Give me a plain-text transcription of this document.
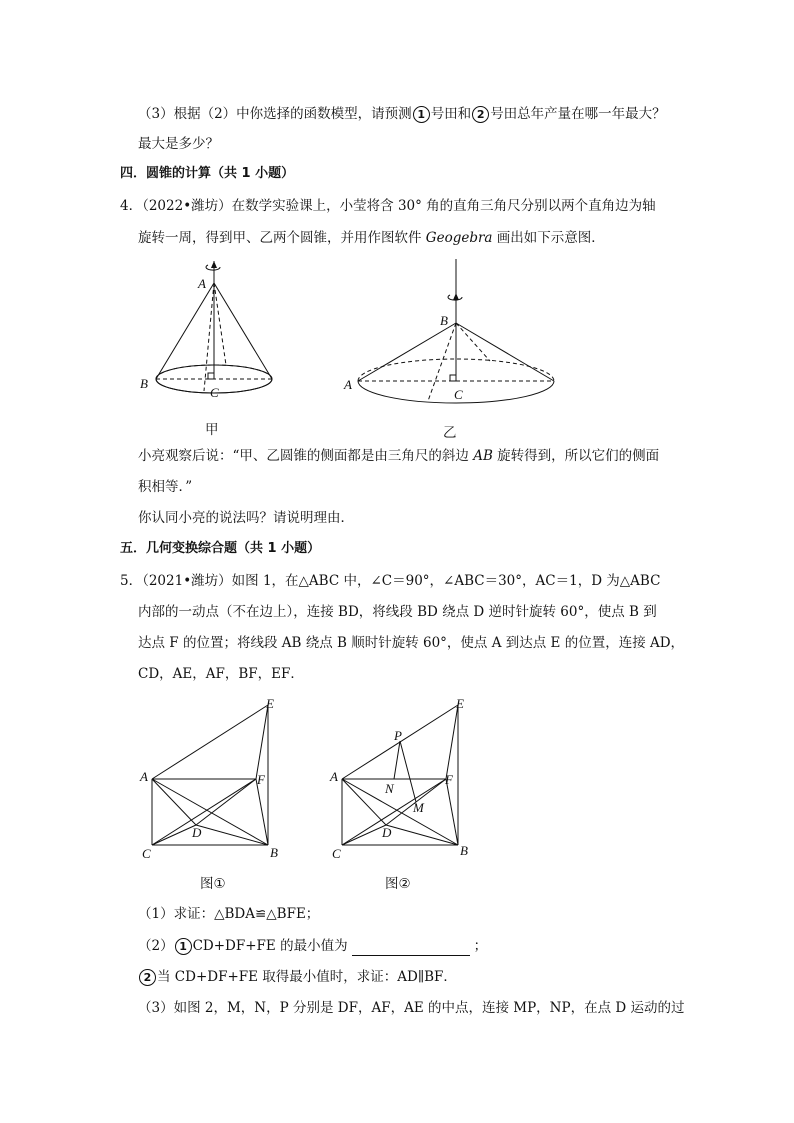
（3）根据（2）中你选择的函数模型，请预测 1 号田和 2 号田总年产量在哪一年最大？
最大是多少？
四．圆锥的计算（共 1 小题）
4．（2022•潍坊）在数学实验课上，小莹将含 30° 角的直角三角尺分别以两个直角边为轴
旋转一周，得到甲、乙两个圆锥，并用作图软件 Geogebra 画出如下示意图．
A
B
C
甲
B
A
C
乙
小亮观察后说：“甲、乙圆锥的侧面都是由三角尺的斜边 AB 旋转得到，所以它们的侧面
积相等．”
你认同小亮的说法吗？请说明理由．
五．几何变换综合题（共 1 小题）
5．（2021•潍坊）如图 1，在△ABC 中，∠C＝90°，∠ABC＝30°，AC＝1，D 为△ABC
内部的一动点（不在边上），连接 BD，将线段 BD 绕点 D 逆时针旋转 60°，使点 B 到
达点 F 的位置；将线段 AB 绕点 B 顺时针旋转 60°，使点 A 到达点 E 的位置，连接 AD，
CD，AE，AF，BF，EF．
A
C	B
E
F
D
图①
A
C	B
E
F
D
P
N
M
图②
（1）求证：△BDA≌△BFE；
（2） 1 CD+DF+FE 的最小值为	；
2 当 CD+DF+FE 取得最小值时，求证：AD∥BF．
（3）如图 2，M，N，P 分别是 DF，AF，AE 的中点，连接 MP，NP，在点 D 运动的过
